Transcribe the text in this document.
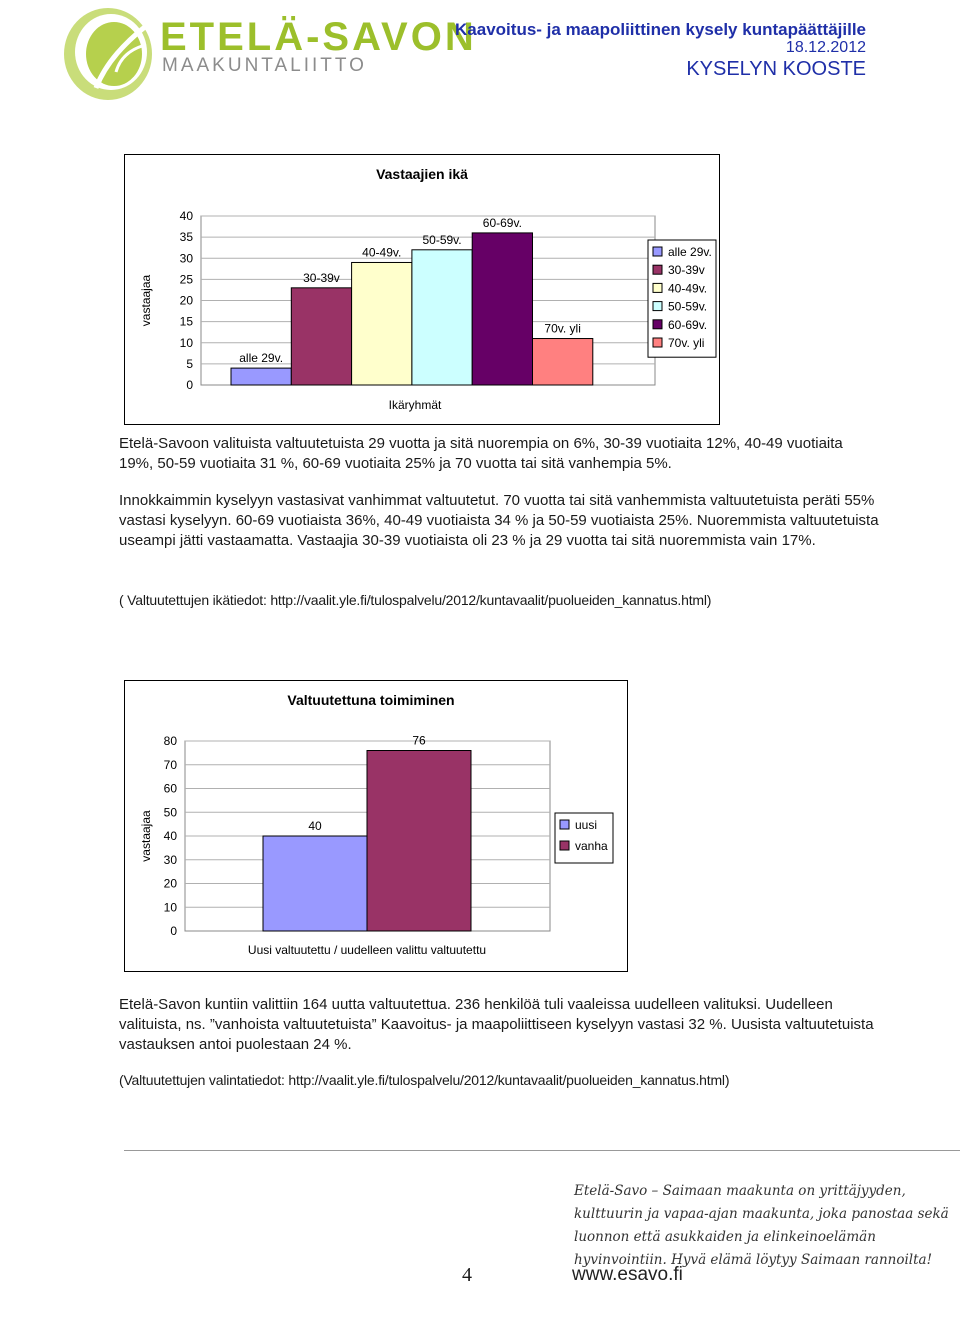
ETELÄ-SAVON
MAAKUNTALIITTO
Kaavoitus- ja maapoliittinen kysely kuntapäättäjille
18.12.2012
KYSELYN KOOSTE
Vastaajien ikä
0
5
10
15
20
25
30
35
40
vastaajaa
Ikäryhmät
alle 29v.
30-39v
40-49v.
50-59v.
60-69v.
70v. yli
alle 29v.
30-39v
40-49v.
50-59v.
60-69v.
70v. yli
Etelä-Savoon valituista valtuutetuista 29 vuotta ja sitä nuorempia on 6%, 30-39 vuotiaita 12%, 40-49 vuotiaita 19%, 50-59 vuotiaita 31 %, 60-69 vuotiaita 25% ja 70 vuotta tai sitä vanhempia 5%.
Innokkaimmin kyselyyn vastasivat vanhimmat valtuutetut. 70 vuotta tai sitä vanhemmista valtuutetuista peräti 55% vastasi kyselyyn. 60-69 vuotiaista 36%, 40-49 vuotiaista 34 % ja 50-59 vuotiaista 25%. Nuoremmista valtuutetuista useampi jätti vastaamatta. Vastaajia 30-39 vuotiaista oli 23 % ja 29 vuotta tai sitä nuoremmista vain 17%.
( Valtuutettujen ikätiedot: http://vaalit.yle.fi/tulospalvelu/2012/kuntavaalit/puolueiden_kannatus.html)
Valtuutettuna toimiminen
0
10
20
30
40
50
60
70
80
vastaajaa
Uusi valtuutettu / uudelleen valittu valtuutettu
40
76
uusi
vanha
Etelä-Savon kuntiin valittiin 164 uutta valtuutettua. 236 henkilöä tuli vaaleissa uudelleen valituksi. Uudelleen valituista, ns. ”vanhoista valtuutetuista” Kaavoitus- ja maapoliittiseen kyselyyn vastasi 32 %. Uusista valtuutetuista vastauksen antoi puolestaan 24 %.
(Valtuutettujen valintatiedot: http://vaalit.yle.fi/tulospalvelu/2012/kuntavaalit/puolueiden_kannatus.html)
Etelä-Savo – Saimaan maakunta on yrittäjyyden, kulttuurin ja vapaa-ajan maakunta, joka panostaa sekä luonnon että asukkaiden ja elinkeinoelämän hyvinvointiin. Hyvä elämä löytyy Saimaan rannoilta!
4	www.esavo.fi
